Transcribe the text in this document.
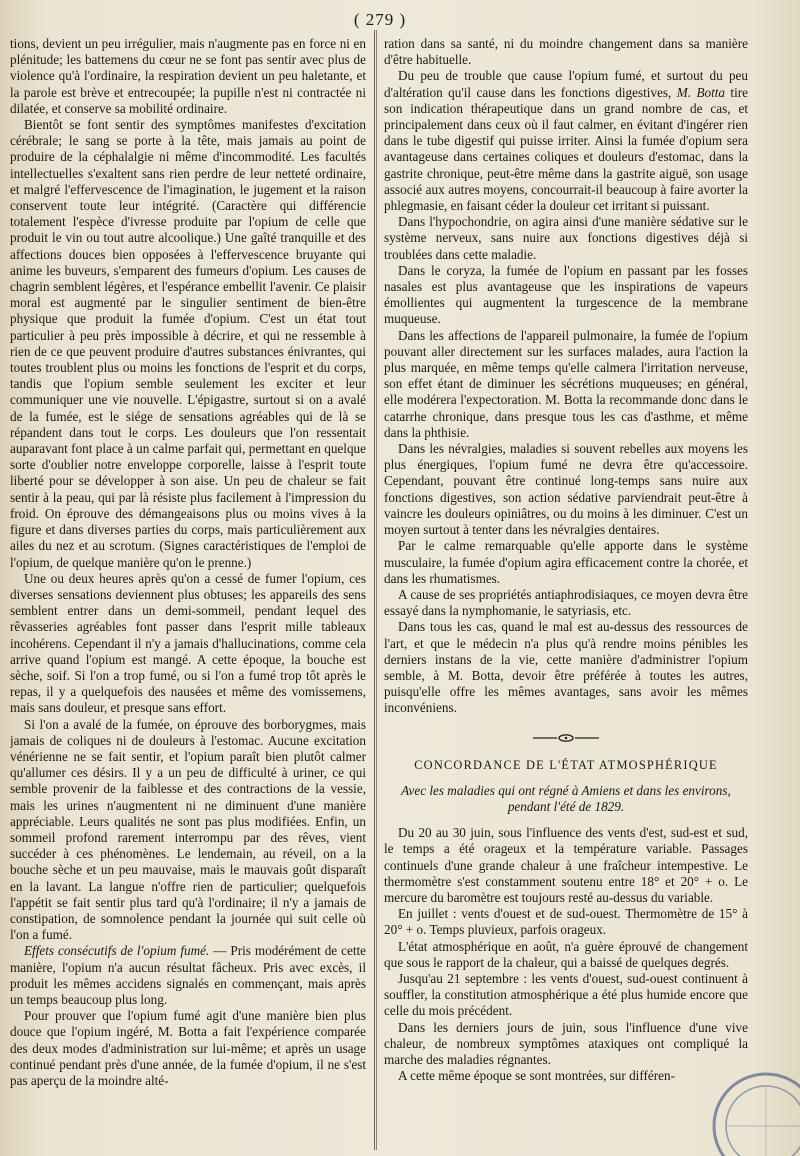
( 279 )

tions, devient un peu irrégulier, mais n'augmente pas en force ni en plénitude; les battemens du cœur ne se font pas sentir avec plus de violence qu'à l'ordinaire, la respiration devient un peu haletante, et la parole est brève et entrecoupée; la pupille n'est ni contractée ni dilatée, et conserve sa mobilité ordinaire.

Bientôt se font sentir des symptômes manifestes d'excitation cérébrale; le sang se porte à la tête, mais jamais au point de produire de la céphalalgie ni même d'incommodité. Les facultés intellectuelles s'exaltent sans rien perdre de leur netteté ordinaire, et malgré l'effervescence de l'imagination, le jugement et la raison conservent toute leur intégrité. (Caractère qui différencie totalement l'espèce d'ivresse produite par l'opium de celle que produit le vin ou tout autre alcoolique.) Une gaîté tranquille et des affections douces bien opposées à l'effervescence bruyante qui anime les buveurs, s'emparent des fumeurs d'opium. Les causes de chagrin semblent légères, et l'espérance embellit l'avenir. Ce plaisir moral est augmenté par le singulier sentiment de bien-être physique que produit la fumée d'opium. C'est un état tout particulier à peu près impossible à décrire, et qui ne ressemble à rien de ce que peuvent produire d'autres substances énivrantes, qui toutes troublent plus ou moins les fonctions de l'esprit et du corps, tandis que l'opium semble seulement les exciter et leur communiquer une vie nouvelle. L'épigastre, surtout si on a avalé de la fumée, est le siége de sensations agréables qui de là se répandent dans tout le corps. Les douleurs que l'on ressentait auparavant font place à un calme parfait qui, permettant en quelque sorte d'oublier notre enveloppe corporelle, laisse à l'esprit toute liberté pour se développer à son aise. Un peu de chaleur se fait sentir à la peau, qui par là résiste plus facilement à l'impression du froid. On éprouve des démangeaisons plus ou moins vives à la figure et dans diverses parties du corps, mais particulièrement aux ailes du nez et au scrotum. (Signes caractéristiques de l'emploi de l'opium, de quelque manière qu'on le prenne.)

Une ou deux heures après qu'on a cessé de fumer l'opium, ces diverses sensations deviennent plus obtuses; les appareils des sens semblent entrer dans un demi-sommeil, pendant lequel des rêvasseries agréables font passer dans l'esprit mille tableaux incohérens. Cependant il n'y a jamais d'hallucinations, comme cela arrive quand l'opium est mangé. A cette époque, la bouche est sèche, soif. Si l'on a trop fumé, ou si l'on a fumé trop tôt après le repas, il y a quelquefois des nausées et même des vomissemens, mais sans douleur, et presque sans effort.

Si l'on a avalé de la fumée, on éprouve des borborygmes, mais jamais de coliques ni de douleurs à l'estomac. Aucune excitation vénérienne ne se fait sentir, et l'opium paraît bien plutôt calmer qu'allumer ces désirs. Il y a un peu de difficulté à uriner, ce qui semble provenir de la faiblesse et des contractions de la vessie, mais les urines n'augmentent ni ne diminuent d'une manière appréciable. Leurs qualités ne sont pas plus modifiées. Enfin, un sommeil profond rarement interrompu par des rêves, vient succéder à ces phénomènes. Le lendemain, au réveil, on a la bouche sèche et un peu mauvaise, mais le mauvais goût disparaît en la lavant. La langue n'offre rien de particulier; quelquefois l'appétit se fait sentir plus tard qu'à l'ordinaire; il n'y a jamais de constipation, de somnolence pendant la journée qui suit celle où l'on a fumé.

Effets consécutifs de l'opium fumé. — Pris modérément de cette manière, l'opium n'a aucun résultat fâcheux. Pris avec excès, il produit les mêmes accidens signalés en commençant, mais après un temps beaucoup plus long.

Pour prouver que l'opium fumé agit d'une manière bien plus douce que l'opium ingéré, M. Botta a fait l'expérience comparée des deux modes d'administration sur lui-même; et après un usage continué pendant près d'une année, de la fumée d'opium, il ne s'est pas aperçu de la moindre alté-

ration dans sa santé, ni du moindre changement dans sa manière d'être habituelle.

Du peu de trouble que cause l'opium fumé, et surtout du peu d'altération qu'il cause dans les fonctions digestives, M. Botta tire son indication thérapeutique dans un grand nombre de cas, et principalement dans ceux où il faut calmer, en évitant d'ingérer rien dans le tube digestif qui puisse irriter. Ainsi la fumée d'opium sera avantageuse dans certaines coliques et douleurs d'estomac, dans la gastrite chronique, peut-être même dans la gastrite aiguë, son usage associé aux autres moyens, concourrait-il beaucoup à faire avorter la phlegmasie, en faisant céder la douleur cet irritant si puissant.

Dans l'hypochondrie, on agira ainsi d'une manière sédative sur le système nerveux, sans nuire aux fonctions digestives déjà si troublées dans cette maladie.

Dans le coryza, la fumée de l'opium en passant par les fosses nasales est plus avantageuse que les inspirations de vapeurs émollientes qui augmentent la turgescence de la membrane muqueuse.

Dans les affections de l'appareil pulmonaire, la fumée de l'opium pouvant aller directement sur les surfaces malades, aura l'action la plus marquée, en même temps qu'elle calmera l'irritation nerveuse, son effet étant de diminuer les sécrétions muqueuses; en général, elle modérera l'expectoration. M. Botta la recommande donc dans le catarrhe chronique, dans presque tous les cas d'asthme, et même dans la phthisie.

Dans les névralgies, maladies si souvent rebelles aux moyens les plus énergiques, l'opium fumé ne devra être qu'accessoire. Cependant, pouvant être continué long-temps sans nuire aux fonctions digestives, son action sédative parviendrait peut-être à vaincre les douleurs opiniâtres, ou du moins à les diminuer. C'est un moyen surtout à tenter dans les névralgies dentaires.

Par le calme remarquable qu'elle apporte dans le système musculaire, la fumée d'opium agira efficacement contre la chorée, et dans les rhumatismes.

A cause de ses propriétés antiaphrodisiaques, ce moyen devra être essayé dans la nymphomanie, le satyriasis, etc.

Dans tous les cas, quand le mal est au-dessus des ressources de l'art, et que le médecin n'a plus qu'à rendre moins pénibles les derniers instans de la vie, cette manière d'administrer l'opium semble, à M. Botta, devoir être préférée à toutes les autres, puisqu'elle offre les mêmes avantages, sans avoir les mêmes inconvéniens.

CONCORDANCE DE L'ÉTAT ATMOSPHÉRIQUE
Avec les maladies qui ont régné à Amiens et dans les environs, pendant l'été de 1829.

Du 20 au 30 juin, sous l'influence des vents d'est, sud-est et sud, le temps a été orageux et la température variable. Passages continuels d'une grande chaleur à une fraîcheur intempestive. Le thermomètre s'est constamment soutenu entre 18° et 20° + o. Le mercure du baromètre est toujours resté au-dessus du variable.

En juillet : vents d'ouest et de sud-ouest. Thermomètre de 15° à 20° + o. Temps pluvieux, parfois orageux.

L'état atmosphérique en août, n'a guère éprouvé de changement que sous le rapport de la chaleur, qui a baissé de quelques degrés.

Jusqu'au 21 septembre : les vents d'ouest, sud-ouest continuent à souffler, la constitution atmosphérique a été plus humide encore que celle du mois précédent.

Dans les derniers jours de juin, sous l'influence d'une vive chaleur, de nombreux symptômes ataxiques ont compliqué la marche des maladies régnantes.

A cette même époque se sont montrées, sur différen-
